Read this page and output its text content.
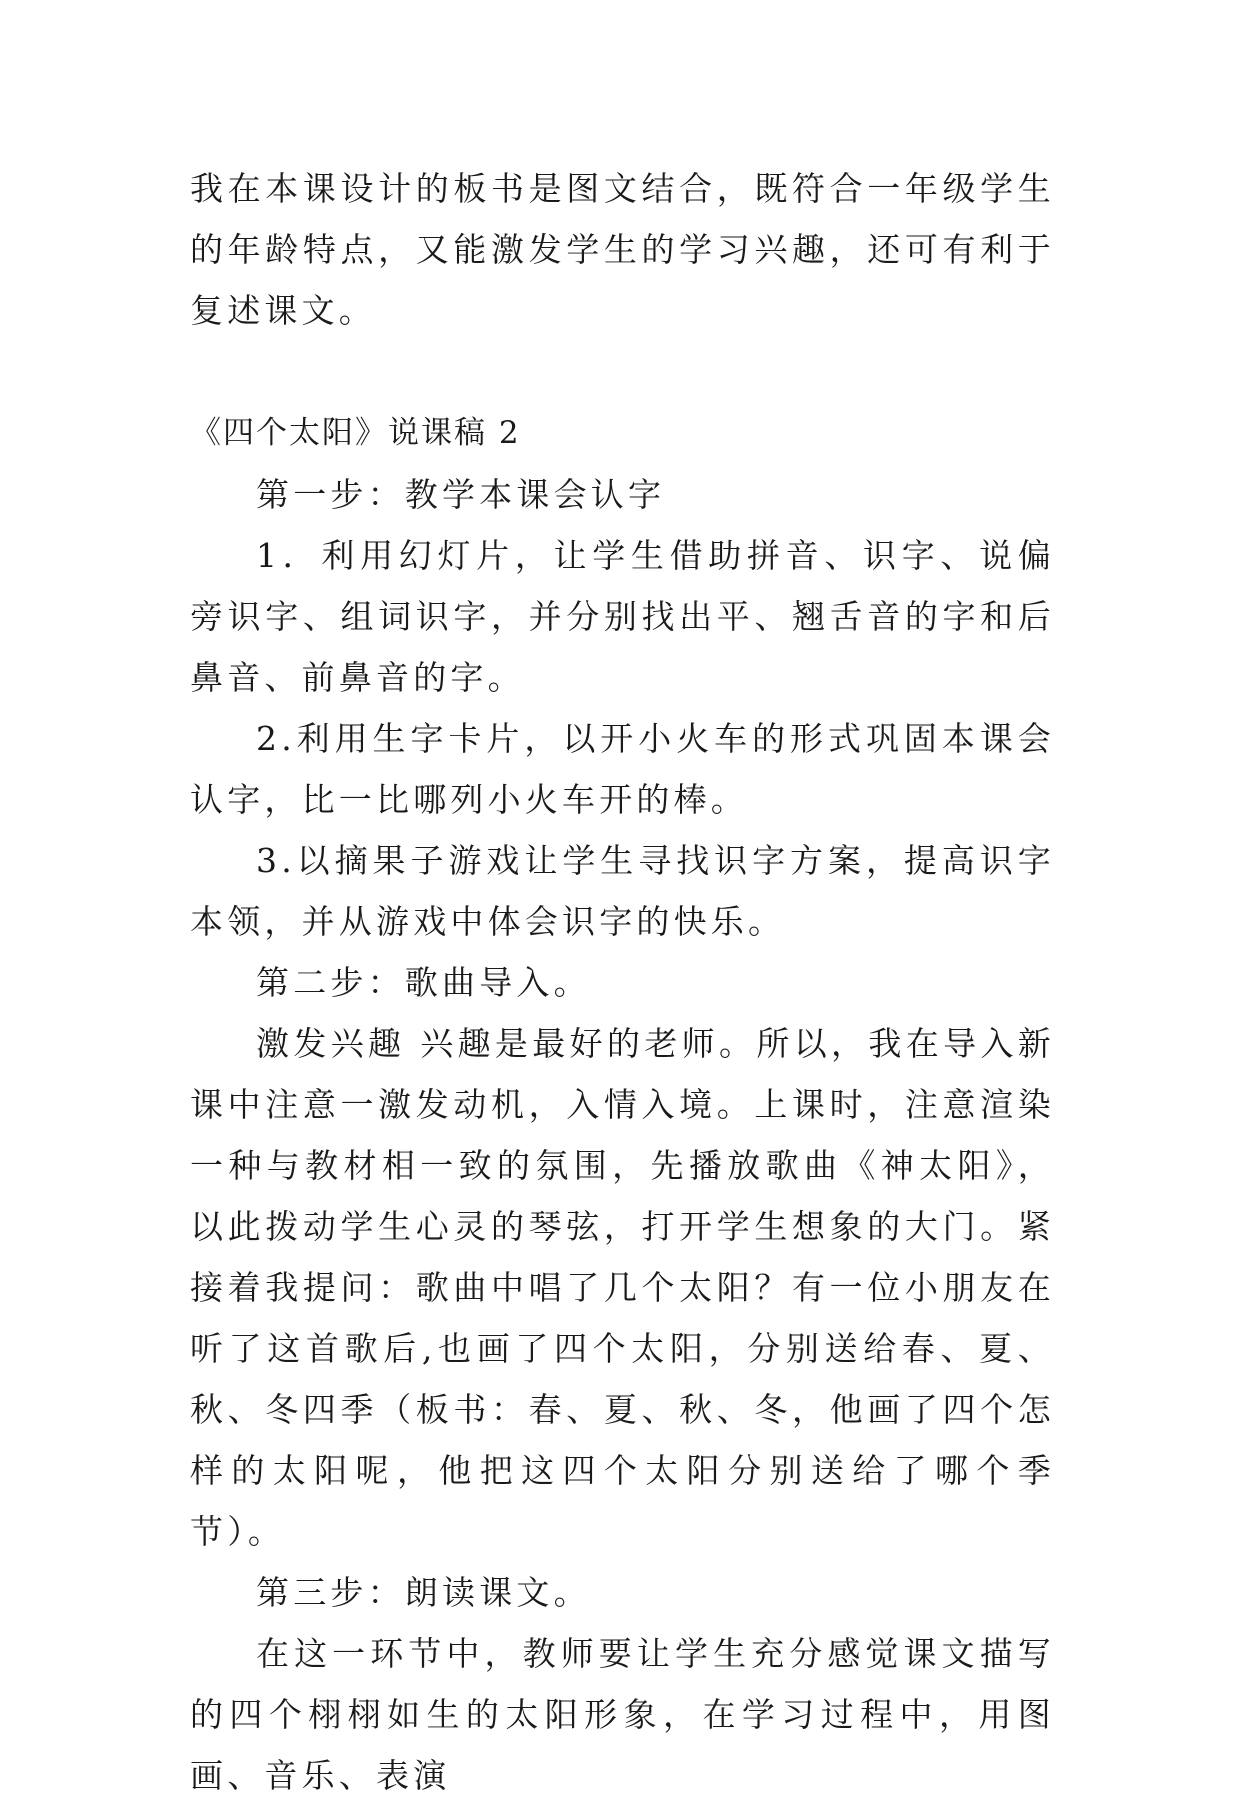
我在本课设计的板书是图文结合，既符合一年级学生的年龄特点，又能激发学生的学习兴趣，还可有利于复述课文。

《四个太阳》说课稿 2

第一步：教学本课会认字

1．利用幻灯片，让学生借助拼音、识字、说偏旁识字、组词识字，并分别找出平、翘舌音的字和后鼻音、前鼻音的字。

2.利用生字卡片，以开小火车的形式巩固本课会认字，比一比哪列小火车开的棒。

3.以摘果子游戏让学生寻找识字方案，提高识字本领，并从游戏中体会识字的快乐。

第二步：歌曲导入。

激发兴趣 兴趣是最好的老师。所以，我在导入新课中注意一激发动机，入情入境。上课时，注意渲染一种与教材相一致的氛围，先播放歌曲《神太阳》，以此拨动学生心灵的琴弦，打开学生想象的大门。紧接着我提问：歌曲中唱了几个太阳？有一位小朋友在听了这首歌后,也画了四个太阳，分别送给春、夏、秋、冬四季（板书：春、夏、秋、冬，他画了四个怎样的太阳呢，他把这四个太阳分别送给了哪个季节）。

第三步：朗读课文。

在这一环节中，教师要让学生充分感觉课文描写的四个栩栩如生的太阳形象，在学习过程中，用图画、音乐、表演
